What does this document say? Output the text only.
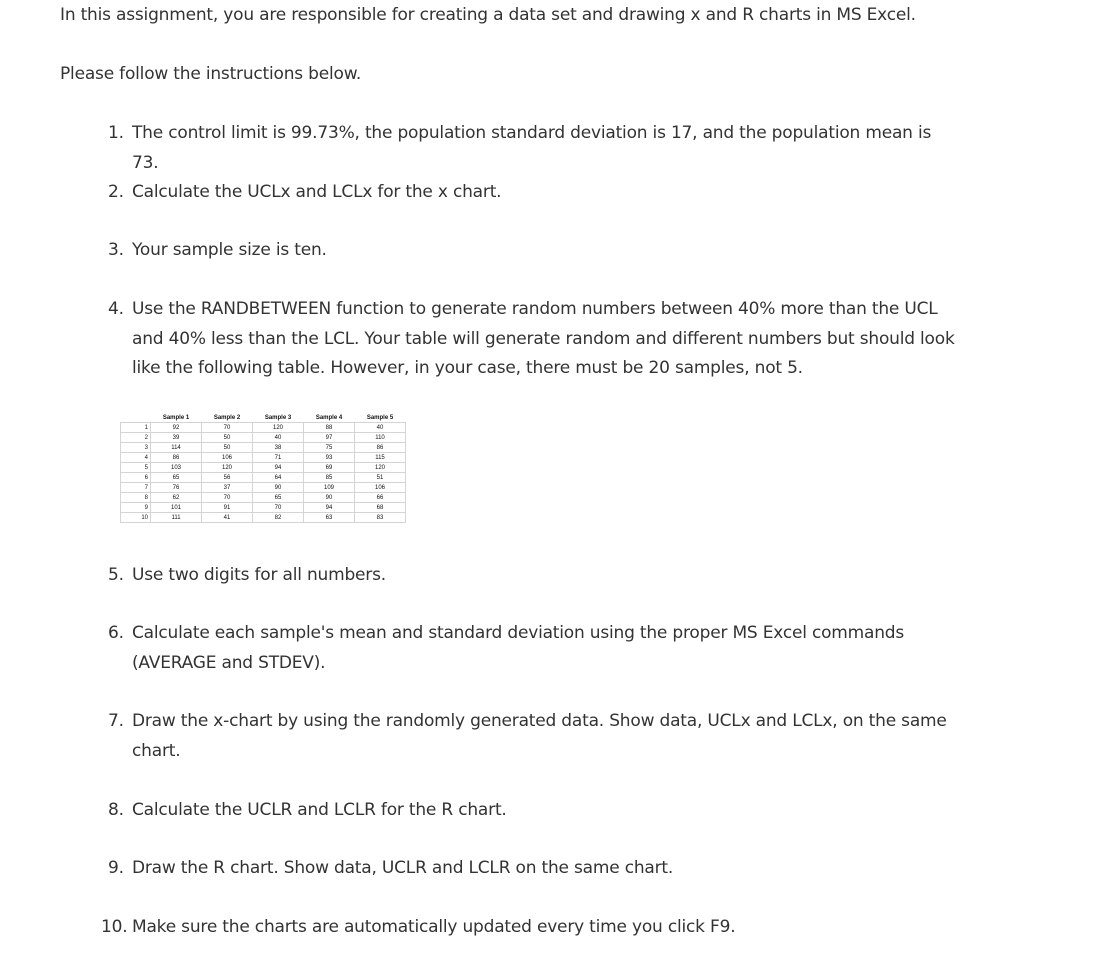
In this assignment, you are responsible for creating a data set and drawing x and R charts in MS Excel.

Please follow the instructions below.

1. The control limit is 99.73%, the population standard deviation is 17, and the population mean is 73.
2. Calculate the UCLx and LCLx for the x chart.
3. Your sample size is ten.
4. Use the RANDBETWEEN function to generate random numbers between 40% more than the UCL and 40% less than the LCL. Your table will generate random and different numbers but should look like the following table. However, in your case, there must be 20 samples, not 5.
	Sample 1	Sample 2	Sample 3	Sample 4	Sample 5
1	92	70	120	88	40
2	39	50	40	97	110
3	114	50	38	75	86
4	86	106	71	93	115
5	103	120	94	69	120
6	65	56	64	85	51
7	76	37	90	109	106
8	62	70	65	90	66
9	101	91	70	94	68
10	111	41	82	63	83
5. Use two digits for all numbers.
6. Calculate each sample's mean and standard deviation using the proper MS Excel commands (AVERAGE and STDEV).
7. Draw the x-chart by using the randomly generated data. Show data, UCLx and LCLx, on the same chart.
8. Calculate the UCLR and LCLR for the R chart.
9. Draw the R chart. Show data, UCLR and LCLR on the same chart.
10. Make sure the charts are automatically updated every time you click F9.
